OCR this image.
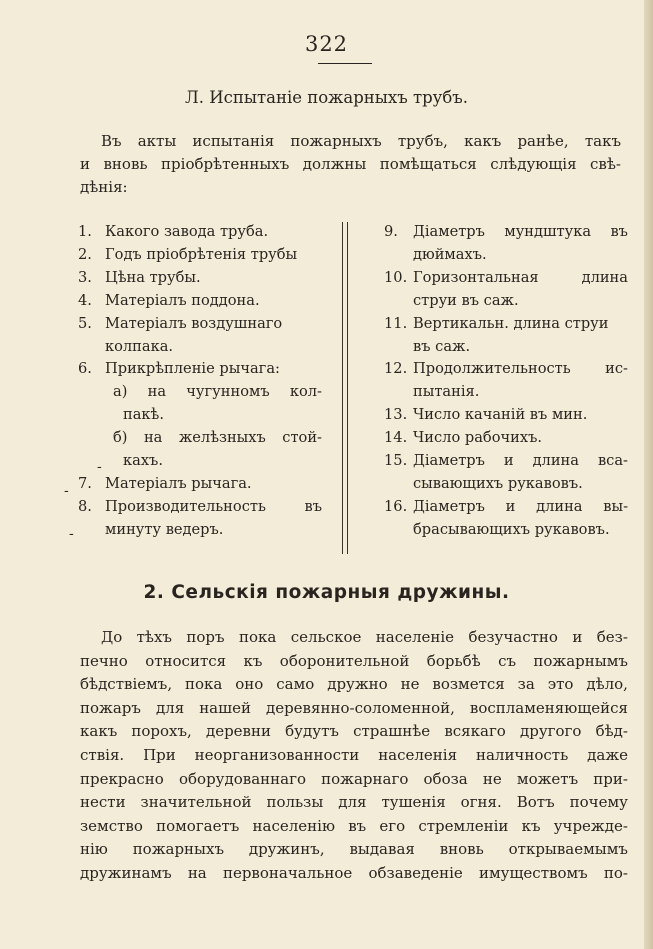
322
Л. Испытанiе пожарныхъ трубъ.
Въ акты испытанiя пожарныхъ трубъ, какъ ранѣе, такъ
и вновь прiобрѣтенныхъ должны помѣщаться слѣдующiя свѣ-
дѣнiя:
1. Какого завода труба.
2. Годъ прiобрѣтенiя трубы
3. Цѣна трубы.
4. Матерiалъ поддона.
5. Матерiалъ воздушнаго
колпака.
6. Прикрѣпленiе рычага:
а) на чугунномъ кол-
пакѣ.
б) на желѣзныхъ стой-
кахъ.
7. Матерiалъ рычага.
8. Производительность	въ
минуту ведеръ.
9. Дiаметръ мундштука въ
дюймахъ.
10. Горизонтальная	длина
струи въ саж.
11. Вертикальн. длина струи
въ саж.
12. Продолжительность ис-
пытанiя.
13. Число качанiй въ мин.
14. Число рабочихъ.
15. Дiаметръ и длина вса-
сывающихъ рукавовъ.
16. Дiаметръ и длина вы-
брасывающихъ рукавовъ.
-
-
-
2. Сельскiя пожарныя дружины.
До тѣхъ поръ пока сельское населенiе безучастно и без-
печно относится къ оборонительной борьбѣ съ пожарнымъ
бѣдствiемъ, пока оно само дружно не возмется за это дѣло,
пожаръ для нашей деревянно-соломенной, воспламеняющейся
какъ порохъ, деревни будутъ страшнѣе всякаго другого бѣд-
ствiя. При неорганизованности населенiя наличность даже
прекрасно оборудованнаго пожарнаго обоза не можетъ при-
нести значительной пользы для тушенiя огня. Вотъ почему
земство помогаетъ населенiю въ его стремленiи къ учрежде-
нiю пожарныхъ дружинъ, выдавая вновь открываемымъ
дружинамъ на первоначальное обзаведенiе имуществомъ по-
